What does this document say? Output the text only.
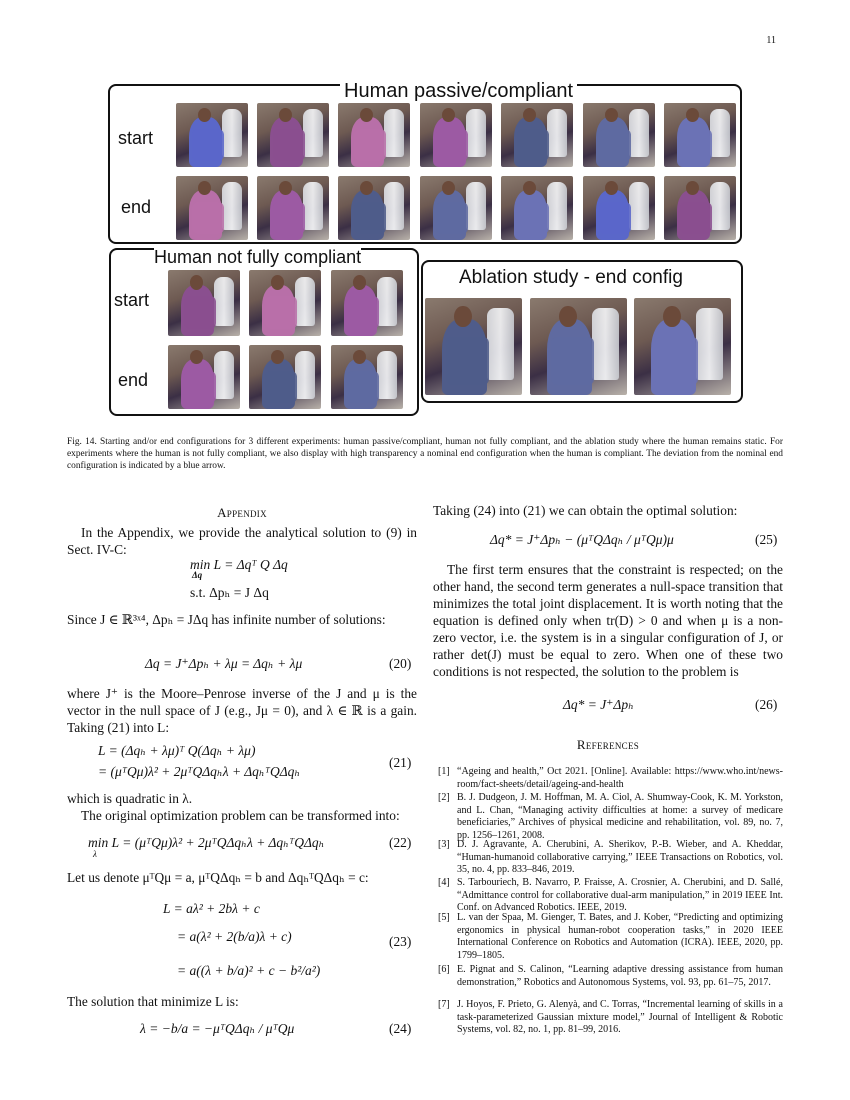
11
Human passive/compliant
start
end
Human not fully compliant
start
end
Ablation study - end config
Fig. 14. Starting and/or end configurations for 3 different experiments: human passive/compliant, human not fully compliant, and the ablation study where the human remains static. For experiments where the human is not fully compliant, we also display with high transparency a nominal end configuration when the human is compliant. The deviation from the nominal end configuration is indicated by a blue arrow.
Appendix
In the Appendix, we provide the analytical solution to (9) in Sect. IV-C:
min L = Δqᵀ Q Δq
Δq
s.t. Δpₕ = J Δq
Since J ∈ ℝ³ˣ⁴, Δpₕ = JΔq has infinite number of solutions:
Δq = J⁺Δpₕ + λμ = Δqₕ + λμ	(20)
where J⁺ is the Moore–Penrose inverse of the J and μ is the vector in the null space of J (e.g., Jμ = 0), and λ ∈ ℝ is a gain. Taking (21) into L:
L = (Δqₕ + λμ)ᵀ Q(Δqₕ + λμ)
= (μᵀQμ)λ² + 2μᵀQΔqₕλ + ΔqₕᵀQΔqₕ
(21)
which is quadratic in λ.
The original optimization problem can be transformed into:
min L = (μᵀQμ)λ² + 2μᵀQΔqₕλ + ΔqₕᵀQΔqₕ
λ
(22)
Let us denote μᵀQμ = a, μᵀQΔqₕ = b and ΔqₕᵀQΔqₕ = c:
L = aλ² + 2bλ + c
= a(λ² + 2(b/a)λ + c)
= a((λ + b/a)² + c − b²/a²)
(23)
The solution that minimize L is:
λ = −b/a = −μᵀQΔqₕ / μᵀQμ	(24)
Taking (24) into (21) we can obtain the optimal solution:
Δq* = J⁺Δpₕ − (μᵀQΔqₕ / μᵀQμ)μ	(25)
The first term ensures that the constraint is respected; on the other hand, the second term generates a null-space transition that minimizes the total joint displacement. It is worth noting that the equation is defined only when tr(D) > 0 and when μ is a non-zero vector, i.e. the system is in a singular configuration of J, or rather det(J) must be equal to zero. When one of these two conditions is not respected, the solution to the problem is
Δq* = J⁺Δpₕ	(26)
References
[1] “Ageing and health,” Oct 2021. [Online]. Available: https://www.who.int/news-room/fact-sheets/detail/ageing-and-health
[2] B. J. Dudgeon, J. M. Hoffman, M. A. Ciol, A. Shumway-Cook, K. M. Yorkston, and L. Chan, “Managing activity difficulties at home: a survey of medicare beneficiaries,” Archives of physical medicine and rehabilitation, vol. 89, no. 7, pp. 1256–1261, 2008.
[3] D. J. Agravante, A. Cherubini, A. Sherikov, P.-B. Wieber, and A. Kheddar, “Human-humanoid collaborative carrying,” IEEE Transactions on Robotics, vol. 35, no. 4, pp. 833–846, 2019.
[4] S. Tarbouriech, B. Navarro, P. Fraisse, A. Crosnier, A. Cherubini, and D. Sallé, “Admittance control for collaborative dual-arm manipulation,” in 2019 IEEE Int. Conf. on Advanced Robotics. IEEE, 2019.
[5] L. van der Spaa, M. Gienger, T. Bates, and J. Kober, “Predicting and optimizing ergonomics in physical human-robot cooperation tasks,” in 2020 IEEE International Conference on Robotics and Automation (ICRA). IEEE, 2020, pp. 1799–1805.
[6] E. Pignat and S. Calinon, “Learning adaptive dressing assistance from human demonstration,” Robotics and Autonomous Systems, vol. 93, pp. 61–75, 2017.
[7] J. Hoyos, F. Prieto, G. Alenyà, and C. Torras, “Incremental learning of skills in a task-parameterized Gaussian mixture model,” Journal of Intelligent & Robotic Systems, vol. 82, no. 1, pp. 81–99, 2016.
